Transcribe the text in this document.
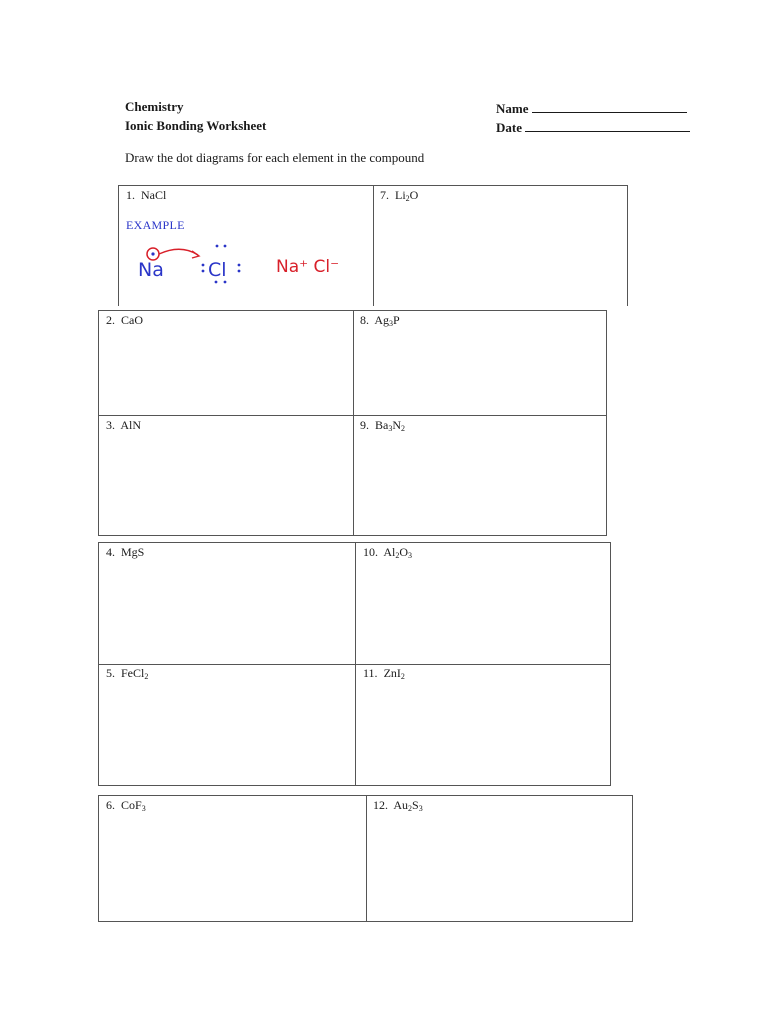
Chemistry
Ionic Bonding Worksheet
Name
Date
Draw the dot diagrams for each element in the compound
1.  NaCl	7.  $Li_2O$
2.  CaO	8.  $Ag_3P$
3.  AlN	9.  $Ba_3N_2$
4.  MgS	10.  $Al_2O_3$
5.  FeCl$_2$	11.  ZnI$_2$
6.  CoF$_3$	12.  $Au_2S_3$
EXAMPLE
Na Cl	Na⁺ Cl⁻
